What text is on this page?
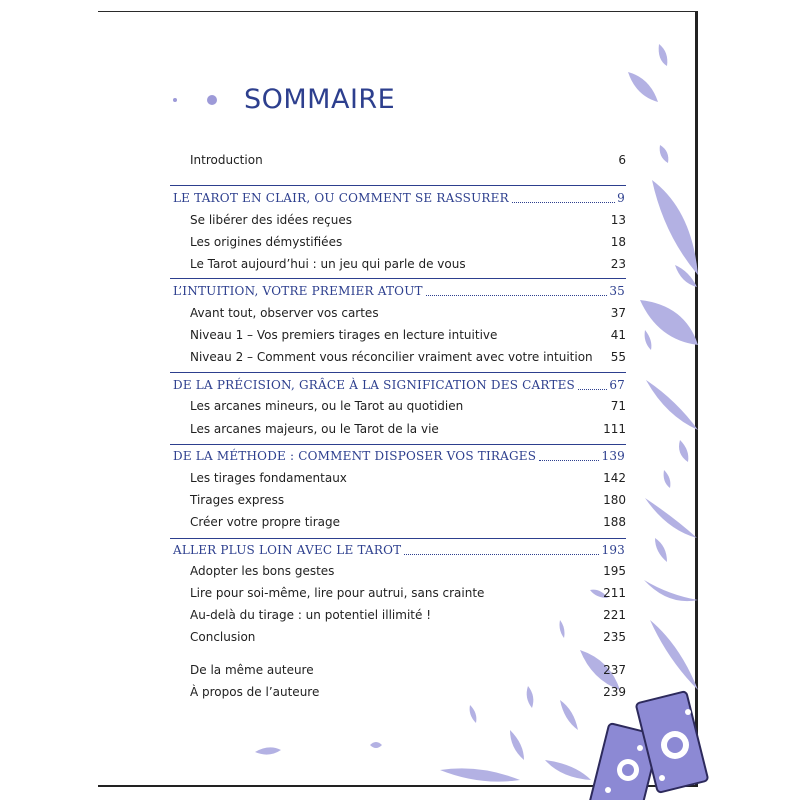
SOMMAIRE
Introduction	6
LE TAROT EN CLAIR, OU COMMENT SE RASSURER	9
Se libérer des idées reçues	13
Les origines démystifiées	18
Le Tarot aujourd’hui : un jeu qui parle de vous	23
L’INTUITION, VOTRE PREMIER ATOUT	35
Avant tout, observer vos cartes	37
Niveau 1 – Vos premiers tirages en lecture intuitive	41
Niveau 2 – Comment vous réconcilier vraiment avec votre intuition 55
DE LA PRÉCISION, GRÂCE À LA SIGNIFICATION DES CARTES	67
Les arcanes mineurs, ou le Tarot au quotidien	71
Les arcanes majeurs, ou le Tarot de la vie	111
DE LA MÉTHODE : COMMENT DISPOSER VOS TIRAGES	139
Les tirages fondamentaux	142
Tirages express	180
Créer votre propre tirage	188
ALLER PLUS LOIN AVEC LE TAROT	193
Adopter les bons gestes	195
Lire pour soi-même, lire pour autrui, sans crainte	211
Au-delà du tirage : un potentiel illimité !	221
Conclusion	235
De la même auteure	237
À propos de l’auteure	239
